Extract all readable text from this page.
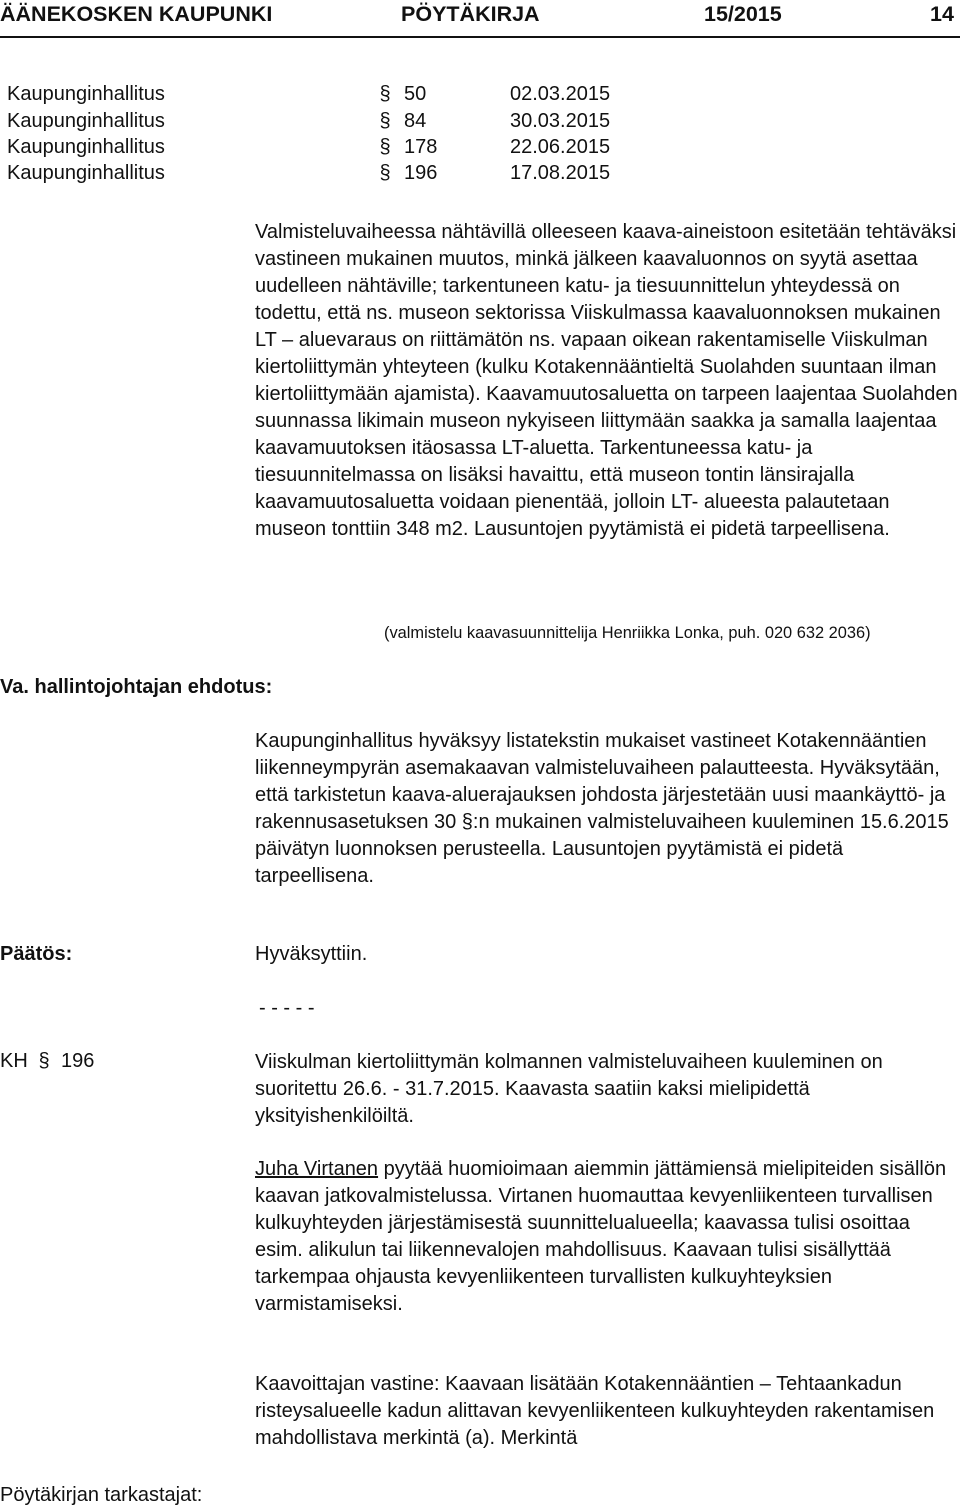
ÄÄNEKOSKEN KAUPUNKI	PÖYTÄKIRJA	15/2015	14
Kaupunginhallitus	§ 50	02.03.2015
Kaupunginhallitus	§ 84	30.03.2015
Kaupunginhallitus	§ 178	22.06.2015
Kaupunginhallitus	§ 196	17.08.2015

Valmisteluvaiheessa nähtävillä olleeseen kaava-aineistoon esitetään tehtäväksi vastineen mukainen muutos, minkä jälkeen kaavaluonnos on syytä asettaa uudelleen nähtäville; tarkentuneen katu- ja tiesuunnittelun yhteydessä on todettu, että ns. museon sektorissa Viiskulmassa kaavaluonnoksen mukainen LT – aluevaraus on riittämätön ns. vapaan oikean rakentamiselle Viiskulman kiertoliittymän yhteyteen (kulku Kotakennääntieltä Suolahden suuntaan ilman kiertoliittymään ajamista). Kaavamuutosaluetta on tarpeen laajentaa Suolahden suunnassa likimain museon nykyiseen liittymään saakka ja samalla laajentaa kaavamuutoksen itäosassa LT-aluetta. Tarkentuneessa katu- ja tiesuunnitelmassa on lisäksi havaittu, että museon tontin länsirajalla kaavamuutosaluetta voidaan pienentää, jolloin LT- alueesta palautetaan museon tonttiin 348 m2. Lausuntojen pyytämistä ei pidetä tarpeellisena.

(valmistelu kaavasuunnittelija Henriikka Lonka, puh. 020 632 2036)
Va. hallintojohtajan ehdotus:

Kaupunginhallitus hyväksyy listatekstin mukaiset vastineet Kotakennääntien liikenneympyrän asemakaavan valmisteluvaiheen palautteesta. Hyväksytään, että tarkistetun kaava-aluerajauksen johdosta järjestetään uusi maankäyttö- ja rakennusasetuksen 30 §:n mukainen valmisteluvaiheen kuuleminen 15.6.2015 päivätyn luonnoksen perusteella. Lausuntojen pyytämistä ei pidetä tarpeellisena.

Päätös:	Hyväksyttiin.
- - - - -
KH § 196	Viiskulman kiertoliittymän kolmannen valmisteluvaiheen kuuleminen on suoritettu 26.6. - 31.7.2015. Kaavasta saatiin kaksi mielipidettä yksityishenkilöiltä.

Juha Virtanen pyytää huomioimaan aiemmin jättämiensä mielipiteiden sisällön kaavan jatkovalmistelussa. Virtanen huomauttaa kevyenliikenteen turvallisen kulkuyhteyden järjestämisestä suunnittelualueella; kaavassa tulisi osoittaa esim. alikulun tai liikennevalojen mahdollisuus. Kaavaan tulisi sisällyttää tarkempaa ohjausta kevyenliikenteen turvallisten kulkuyhteyksien varmistamiseksi.

Kaavoittajan vastine: Kaavaan lisätään Kotakennääntien – Tehtaankadun risteysalueelle kadun alittavan kevyenliikenteen kulkuyhteyden rakentamisen mahdollistava merkintä (a). Merkintä

Pöytäkirjan tarkastajat:
